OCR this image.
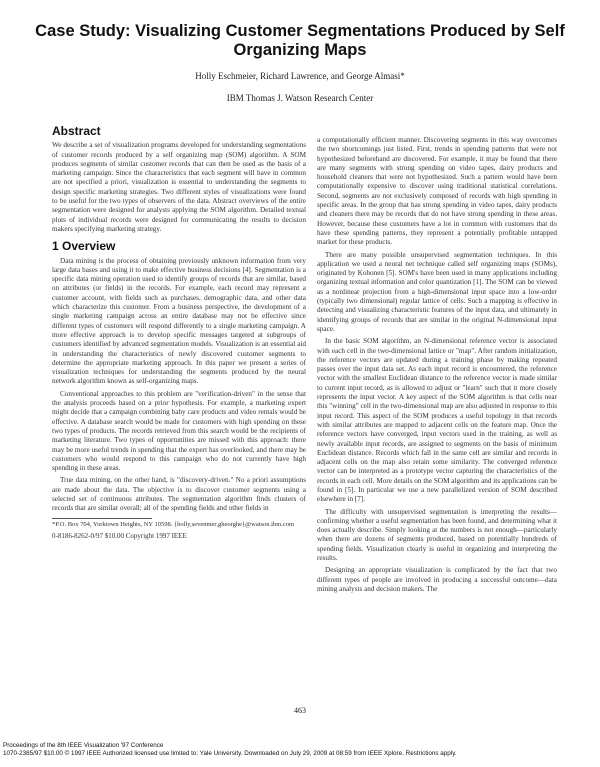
Case Study: Visualizing Customer Segmentations Produced by Self Organizing Maps
Holly Eschmeier, Richard Lawrence, and George Almasi*
IBM Thomas J. Watson Research Center
Abstract

We describe a set of visualization programs developed for understanding segmentations of customer records produced by a self organizing map (SOM) algorithm. A SOM produces segments of similar customer records that can then be used as the basis of a marketing campaign. Since the characteristics that each segment will have in common are not specified a priori, visualization is essential to understanding the segments to design specific marketing strategies. Two different styles of visualizations were found to be useful for the two types of observers of the data. Abstract overviews of the entire segmentation were designed for analysts applying the SOM algorithm. Detailed textual plots of individual records were designed for communicating the results to decision makers specifying marketing strategy.

1 Overview

Data mining is the process of obtaining previously unknown information from very large data bases and using it to make effective business decisions [4]. Segmentation is a specific data mining operation used to identify groups of records that are similar, based on attributes (or fields) in the records. For example, each record may represent a customer account, with fields such as purchases, demographic data, and other data which characterize this customer. From a business perspective, the development of a single marketing campaign across an entire database may not be effective since different types of customers will respond differently to a single marketing campaign. A more effective approach is to develop specific messages targeted at subgroups of customers identified by advanced segmentation models. Visualization is an essential aid in understanding the characteristics of newly discovered customer segments to determine the appropriate marketing approach. In this paper we present a series of visualization techniques for understanding the segments produced by the neural network algorithm known as self-organizing maps.

Conventional approaches to this problem are "verification-driven" in the sense that the analysis proceeds based on a prior hypothesis. For example, a marketing expert might decide that a campaign combining baby care products and video rentals would be effective. A database search would be made for customers with high spending on these two types of products. The records retrieved from this search would be the recipients of marketing literature. Two types of opportunities are missed with this approach: there may be more useful trends in spending that the expert has overlooked, and there may be customers who would respond to this campaign who do not currently have high spending in these areas.

True data mining, on the other hand, is "discovery-driven." No a priori assumptions are made about the data. The objective is to discover customer segments using a selected set of continuous attributes. The segmentation algorithm finds clusters of records that are similar overall; all of the spending fields and other fields in

*P.O. Box 704, Yorktown Heights, NY 10598. {holly,sevenmer,gheorghe}@watson.ibm.com

0-8186-8262-0/97 $10.00 Copyright 1997 IEEE

a computationally efficient manner. Discovering segments in this way overcomes the two shortcomings just listed. First, trends in spending patterns that were not hypothesized beforehand are discovered. For example, it may be found that there are many segments with strong spending on video tapes, dairy products and household cleaners that were not hypothesized. Such a pattern would have been computationally expensive to discover using traditional statistical correlations. Second, segments are not exclusively composed of records with high spending in specific areas. In the group that has strong spending in video tapes, dairy products and cleaners there may be records that do not have strong spending in these areas. However, because these customers have a lot in common with customers that do have these spending patterns, they represent a potentially profitable untapped market for these products.

There are many possible unsupervised segmentation techniques. In this application we used a neural net technique called self organizing maps (SOMs), originated by Kohonen [5]. SOM's have been used in many applications including organizing textual information and color quantization [1]. The SOM can be viewed as a nonlinear projection from a high-dimensional input space into a low-order (typically two dimensional) regular lattice of cells. Such a mapping is effective in detecting and visualizing characteristic features of the input data, and ultimately in identifying groups of records that are similar in the original N-dimensional input space.

In the basic SOM algorithm, an N-dimensional reference vector is associated with each cell in the two-dimensional lattice or "map". After random initialization, the reference vectors are updated during a training phase by making repeated passes over the input data set. As each input record is encountered, the reference vector with the smallest Euclidean distance to the reference vector is made similar to current input record, as is allowed to adjust or "learn" such that it more closely represents the input vector. A key aspect of the SOM algorithm is that cells near this "winning" cell in the two-dimensional map are also adjusted in response to this input record. This aspect of the SOM produces a useful topology in that records with similar attributes are mapped to adjacent cells on the feature map. Once the reference vectors have converged, input vectors used in the training, as well as newly available input records, are assigned to segments on the basis of minimum Euclidean distance. Records which fall in the same cell are similar and records in adjacent cells on the map also retain some similarity. The converged reference vector can be interpreted as a prototype vector capturing the characteristics of the records in each cell. More details on the SOM algorithm and its applications can be found in [5]. In particular we use a new parallelized version of SOM described elsewhere in [7].

The difficulty with unsupervised segmentation is interpreting the results—confirming whether a useful segmentation has been found, and determining what it does actually describe. Simply looking at the numbers is not enough—particularly when there are dozens of segments produced, based on potentially hundreds of spending fields. Visualization clearly is useful in organizing and interpreting the results.

Designing an appropriate visualization is complicated by the fact that two different types of people are involved in producing a successful outcome—data mining analysts and decision makers. The

463
Proceedings of the 8th IEEE Visualization '97 Conference
1070-2385/97 $10.00 © 1997 IEEE Authorized licensed use limited to: Yale University. Downloaded on July 29, 2009 at 08:59 from IEEE Xplore. Restrictions apply.
